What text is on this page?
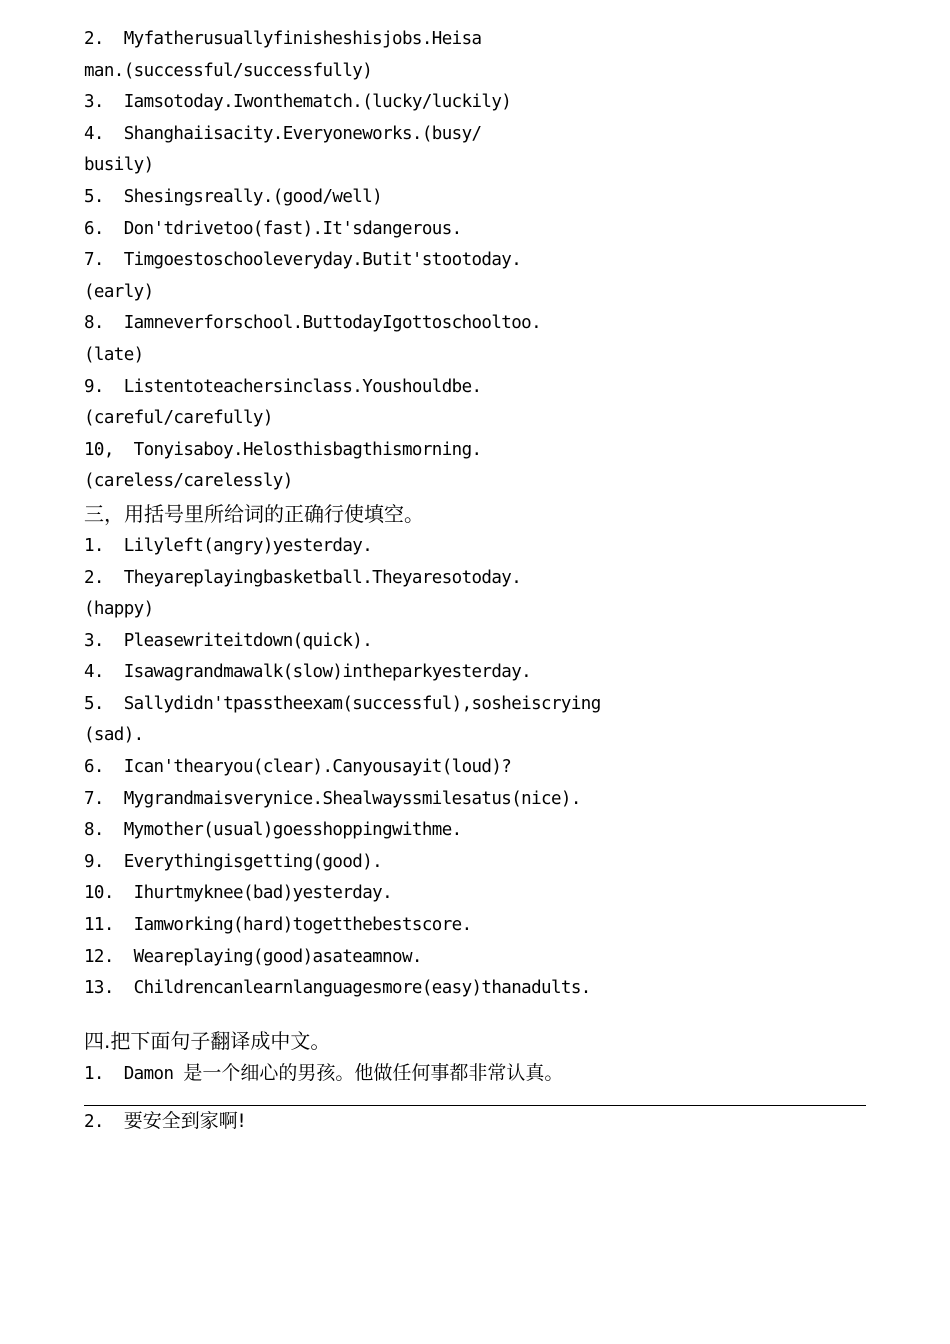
2.  Myfatherusuallyfinisheshisjobs.Heisa
man.(successful/successfully)
3.  Iamsotoday.Iwonthematch.(lucky/luckily)
4.  Shanghaiisacity.Everyoneworks.(busy/
busily)
5.  Shesingsreally.(good/well)
6.  Don'tdrivetoo(fast).It'sdangerous.
7.  Timgoestoschooleveryday.Butit'stootoday.
(early)
8.  Iamneverforschool.ButtodayIgottoschooltoo.
(late)
9.  Listentoteachersinclass.Youshouldbe.
(careful/carefully)
10,  Tonyisaboy.Helosthisbagthismorning.
(careless/carelessly)
三，用括号里所给词的正确行使填空。
1.  Lilyleft(angry)yesterday.
2.  Theyareplayingbasketball.Theyaresotoday.
(happy)
3.  Pleasewriteitdown(quick).
4.  Isawagrandmawalk(slow)intheparkyesterday.
5.  Sallydidn'tpasstheexam(successful),sosheiscrying
(sad).
6.  Ican'thearyou(clear).Canyousayit(loud)?
7.  Mygrandmaisverynice.Shealwayssmilesatus(nice).
8.  Mymother(usual)goesshoppingwithme.
9.  Everythingisgetting(good).
10.  Ihurtmyknee(bad)yesterday.
11.  Iamworking(hard)togetthebestscore.
12.  Weareplaying(good)asateamnow.
13.  Childrencanlearnlanguagesmore(easy)thanadults.
四.把下面句子翻译成中文。
1.  Damon 是一个细心的男孩。他做任何事都非常认真。
2.  要安全到家啊!
